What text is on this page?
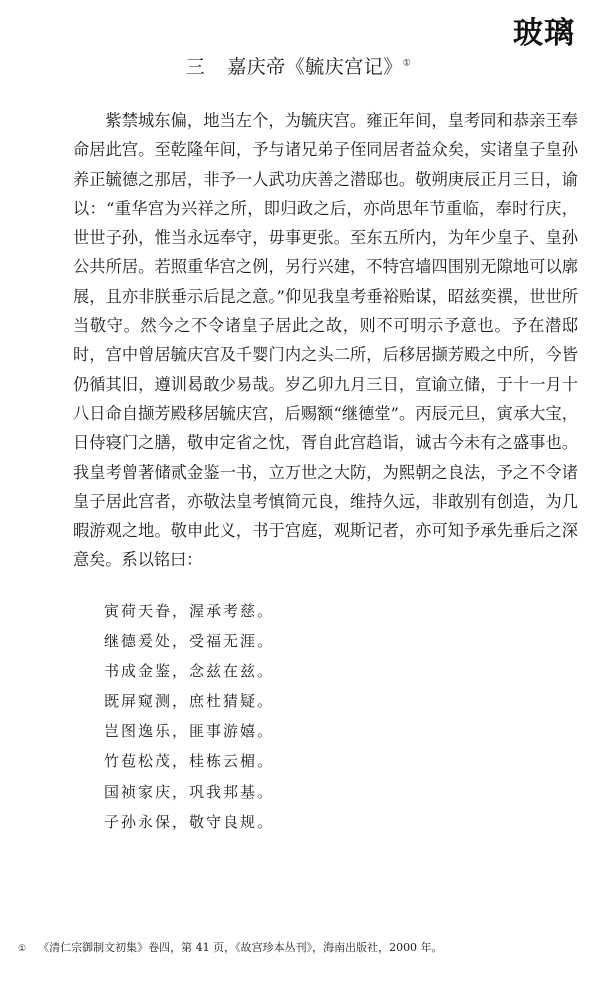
玻璃
三 嘉庆帝《毓庆宫记》①

紫禁城东偏，地当左个，为毓庆宫。雍正年间，皇考同和恭亲王奉命居此宫。至乾隆年间，予与诸兄弟子侄同居者益众矣，实诸皇子皇孙养正毓德之那居，非予一人武功庆善之潜邸也。敬朔庚辰正月三日，谕以：“重华宫为兴祥之所，即归政之后，亦尚思年节重临，奉时行庆，世世子孙，惟当永远奉守，毋事更张。至东五所内，为年少皇子、皇孙公共所居。若照重华宫之例，另行兴建，不特宫墙四围别无隙地可以廓展，且亦非朕垂示后昆之意。”仰见我皇考垂裕贻谋，昭兹奕禩，世世所当敬守。然今之不令诸皇子居此之故，则不可明示予意也。予在潜邸时，宫中曾居毓庆宫及千婴门内之头二所，后移居撷芳殿之中所，今皆仍循其旧，遵训曷敢少易哉。岁乙卯九月三日，宣谕立储，于十一月十八日命自撷芳殿移居毓庆宫，后赐额“继德堂”。丙辰元旦，寅承大宝，日侍寝门之膳，敬申定省之忱，胥自此宫趋诣，诚古今未有之盛事也。我皇考曾著储贰金鉴一书，立万世之大防，为熙朝之良法，予之不令诸皇子居此宫者，亦敬法皇考慎简元良，维持久远，非敢别有创造，为几暇游观之地。敬申此义，书于宫庭，观斯记者，亦可知予承先垂后之深意矣。系以铭曰：

寅荷天眷，渥承考慈。
继德爰处，受福无涯。
书成金鉴，念兹在兹。
既屏窥测，庶杜猜疑。
岂图逸乐，匪事游嬉。
竹苞松茂，桂栋云楣。
国祯家庆，巩我邦基。
子孙永保，敬守良规。
① 《清仁宗御制文初集》卷四，第 41 页，《故宫珍本丛刊》，海南出版社，2000 年。
